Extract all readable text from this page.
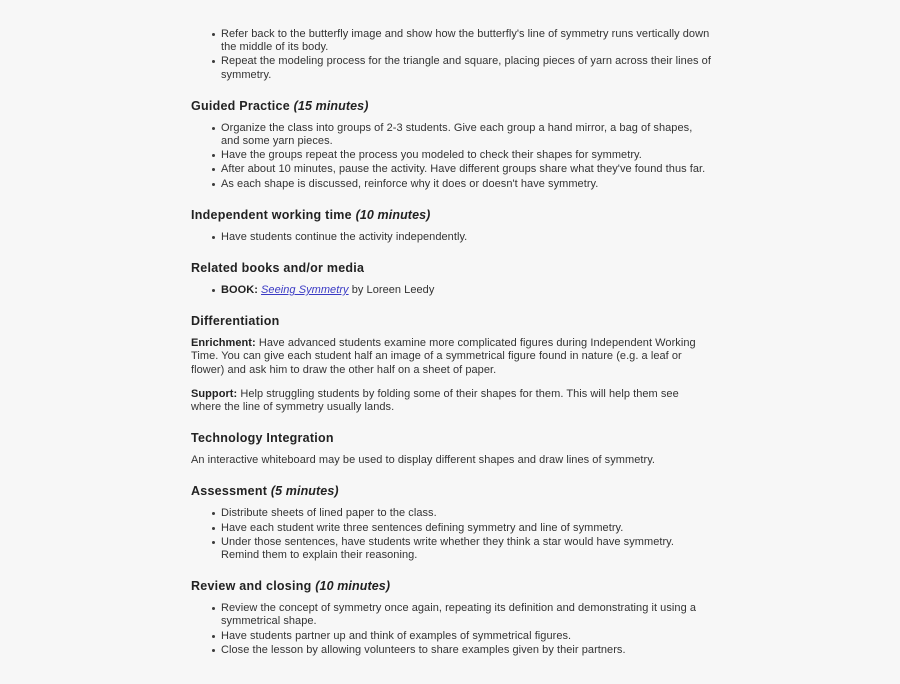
Refer back to the butterfly image and show how the butterfly's line of symmetry runs vertically down the middle of its body.
Repeat the modeling process for the triangle and square, placing pieces of yarn across their lines of symmetry.
Guided Practice (15 minutes)
Organize the class into groups of 2-3 students. Give each group a hand mirror, a bag of shapes, and some yarn pieces.
Have the groups repeat the process you modeled to check their shapes for symmetry.
After about 10 minutes, pause the activity. Have different groups share what they've found thus far.
As each shape is discussed, reinforce why it does or doesn't have symmetry.
Independent working time (10 minutes)
Have students continue the activity independently.
Related books and/or media
BOOK: Seeing Symmetry by Loreen Leedy
Differentiation

Enrichment: Have advanced students examine more complicated figures during Independent Working Time. You can give each student half an image of a symmetrical figure found in nature (e.g. a leaf or flower) and ask him to draw the other half on a sheet of paper.

Support: Help struggling students by folding some of their shapes for them. This will help them see where the line of symmetry usually lands.

Technology Integration

An interactive whiteboard may be used to display different shapes and draw lines of symmetry.

Assessment (5 minutes)
Distribute sheets of lined paper to the class.
Have each student write three sentences defining symmetry and line of symmetry.
Under those sentences, have students write whether they think a star would have symmetry. Remind them to explain their reasoning.
Review and closing (10 minutes)
Review the concept of symmetry once again, repeating its definition and demonstrating it using a symmetrical shape.
Have students partner up and think of examples of symmetrical figures.
Close the lesson by allowing volunteers to share examples given by their partners.
